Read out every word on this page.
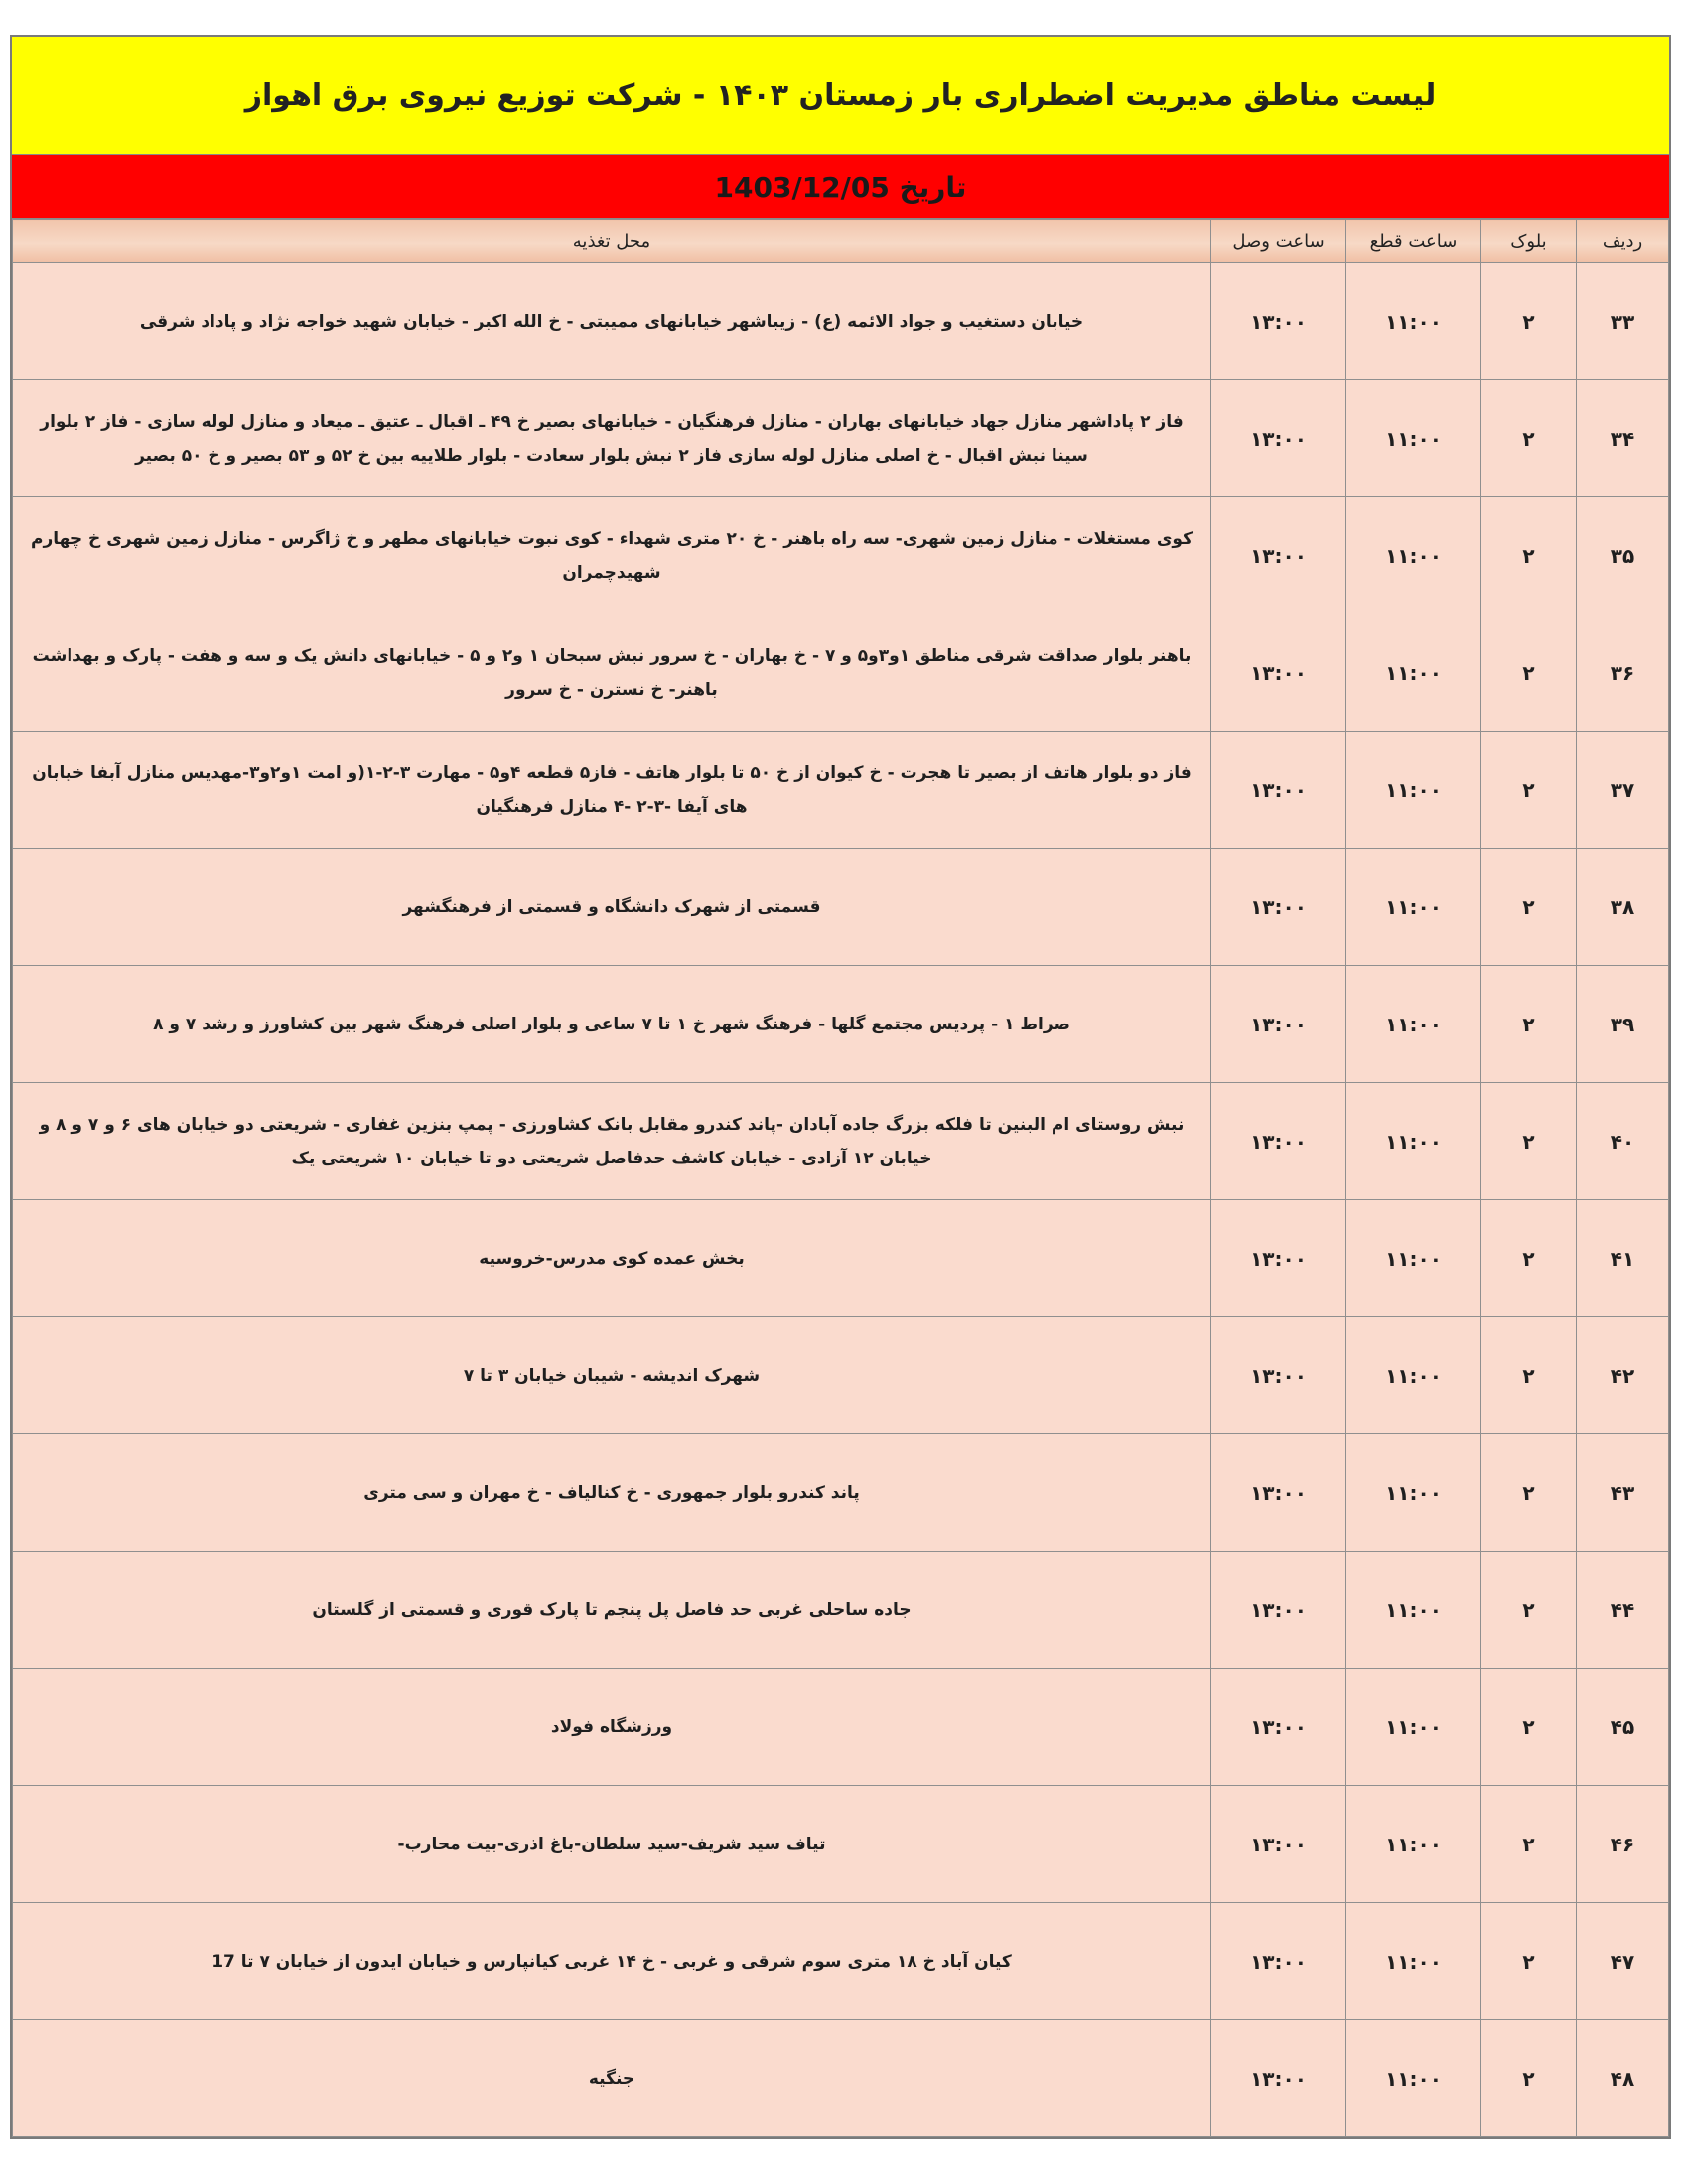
لیست مناطق مدیریت اضطراری بار زمستان ۱۴۰۳ - شرکت توزیع نیروی برق اهواز
تاریخ 1403/12/05
ردیف	بلوک	ساعت قطع	ساعت وصل	محل تغذیه
۳۳	۲	۱۱:۰۰	۱۳:۰۰	خیابان دستغیب و جواد الائمه (ع) - زیباشهر خیابانهای ممیبتی - خ الله اکبر - خیابان شهید خواجه نژاد و پاداد شرقی
۳۴	۲	۱۱:۰۰	۱۳:۰۰	فاز ۲ پاداشهر منازل جهاد خیابانهای بهاران - منازل فرهنگیان - خیابانهای بصیر خ ۴۹ ـ اقبال ـ عتیق ـ میعاد و منازل لوله سازی - فاز ۲ بلوار سینا نبش اقبال - خ اصلی منازل لوله سازی فاز ۲ نبش بلوار سعادت - بلوار طلاییه بین خ ۵۲ و ۵۳ بصیر و خ ۵۰ بصیر
۳۵	۲	۱۱:۰۰	۱۳:۰۰	کوی مستغلات - منازل زمین شهری- سه راه باهنر - خ ۲۰ متری شهداء - کوی نبوت خیابانهای مطهر و خ ژاگرس - منازل زمین شهری خ چهارم شهیدچمران
۳۶	۲	۱۱:۰۰	۱۳:۰۰	باهنر بلوار صداقت شرقی مناطق ۱و۳و۵ و ۷ - خ بهاران - خ سرور نبش سبحان ۱ و۲ و ۵ - خیابانهای دانش یک و سه و هفت - پارک و بهداشت باهنر- خ نسترن - خ سرور
۳۷	۲	۱۱:۰۰	۱۳:۰۰	فاز دو بلوار هاتف از بصیر تا هجرت - خ کیوان از خ ۵۰ تا بلوار هاتف - فاز۵ قطعه ۴و۵ - مهارت ۳-۲-۱(و امت ۱و۲و۳-مهدیس منازل آبفا خیابان های آیفا -۳-۲ -۴ منازل فرهنگیان
۳۸	۲	۱۱:۰۰	۱۳:۰۰	قسمتی از شهرک دانشگاه و قسمتی از فرهنگشهر
۳۹	۲	۱۱:۰۰	۱۳:۰۰	صراط ۱ - پردیس مجتمع گلها - فرهنگ شهر خ ۱ تا ۷ ساعی و بلوار اصلی فرهنگ شهر بین کشاورز و رشد ۷ و ۸
۴۰	۲	۱۱:۰۰	۱۳:۰۰	نبش روستای ام البنین تا فلکه بزرگ جاده آبادان -پاند کندرو مقابل بانک کشاورزی - پمپ بنزین غفاری - شریعتی دو خیابان های ۶ و ۷ و ۸ و خیابان ۱۲ آزادی - خیابان کاشف حدفاصل شریعتی دو تا خیابان ۱۰ شریعتی یک
۴۱	۲	۱۱:۰۰	۱۳:۰۰	بخش عمده کوی مدرس-خروسیه
۴۲	۲	۱۱:۰۰	۱۳:۰۰	شهرک اندیشه - شیبان خیابان ۳ تا ۷
۴۳	۲	۱۱:۰۰	۱۳:۰۰	پاند کندرو بلوار جمهوری - خ کنالیاف - خ مهران و سی متری
۴۴	۲	۱۱:۰۰	۱۳:۰۰	جاده ساحلی غربی حد فاصل پل پنجم تا پارک قوری و قسمتی از گلستان
۴۵	۲	۱۱:۰۰	۱۳:۰۰	ورزشگاه فولاد
۴۶	۲	۱۱:۰۰	۱۳:۰۰	تیاف سید شریف-سید سلطان-باغ اذری-بیت محارب-
۴۷	۲	۱۱:۰۰	۱۳:۰۰	کیان آباد خ ۱۸ متری سوم شرقی و غربی - خ ۱۴ غربی کیانپارس و خیابان ایدون از خیابان ۷ تا 17
۴۸	۲	۱۱:۰۰	۱۳:۰۰	جنگیه
